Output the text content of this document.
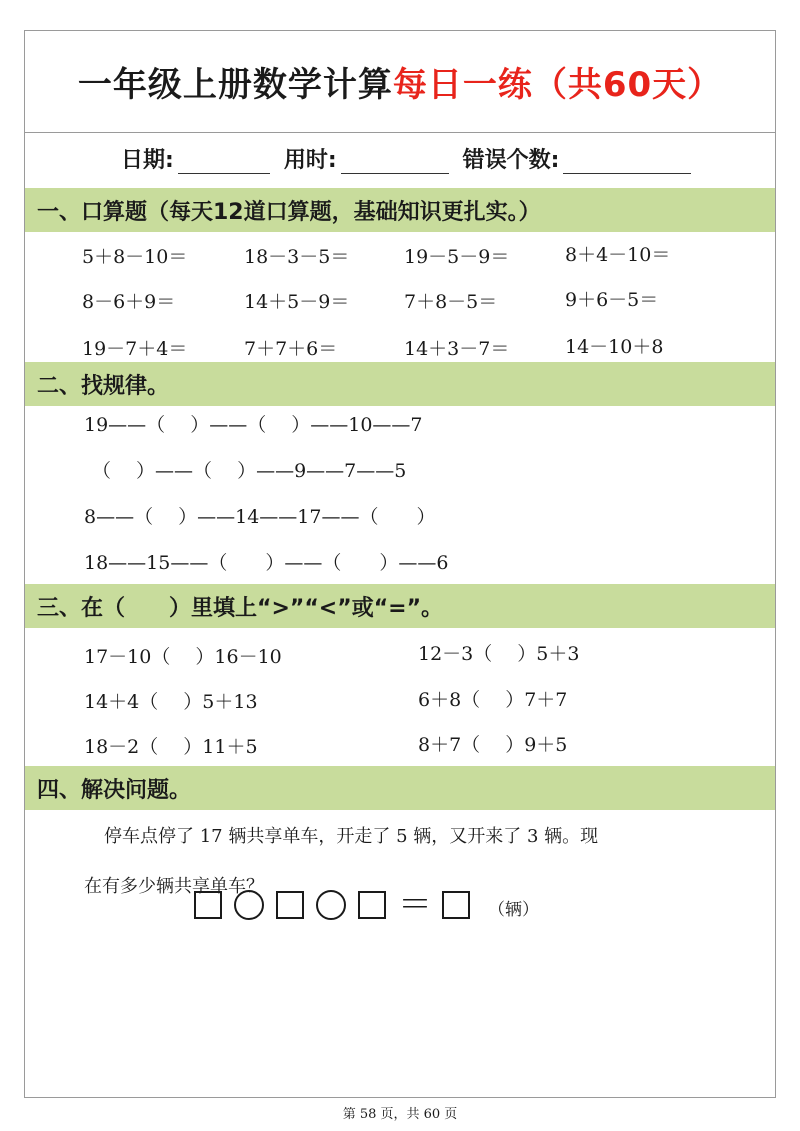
一年级上册数学计算 每日一练（共60天）
日期:	用时:	错误个数:
一、口算题（每天12道口算题，基础知识更扎实。）
二、找规律。
三、在（　　）里填上“>”“<”或“=”。
四、解决问题。
5＋8－10＝	18－3－5＝	19－5－9＝	8＋4－10＝
8－6＋9＝	14＋5－9＝	7＋8－5＝	9＋6－5＝
19－7＋4＝	7＋7＋6＝	14＋3－7＝	14－10＋8
19——（　 ）——（　 ）——10——7
（　 ）——（　 ）——9——7——5
8——（　 ）——14——17——（　　）
18——15——（　　）——（　　）——6
17－10（　 ）16－10	12－3（　 ）5＋3
14＋4（　 ）5＋13	6＋8（　 ）7＋7
18－2（　 ）11＋5	8＋7（　 ）9＋5
停车点停了 17 辆共享单车，开走了 5 辆，又开来了 3 辆。现
在有多少辆共享单车？	＝	（辆）
第 58 页，共 60 页
